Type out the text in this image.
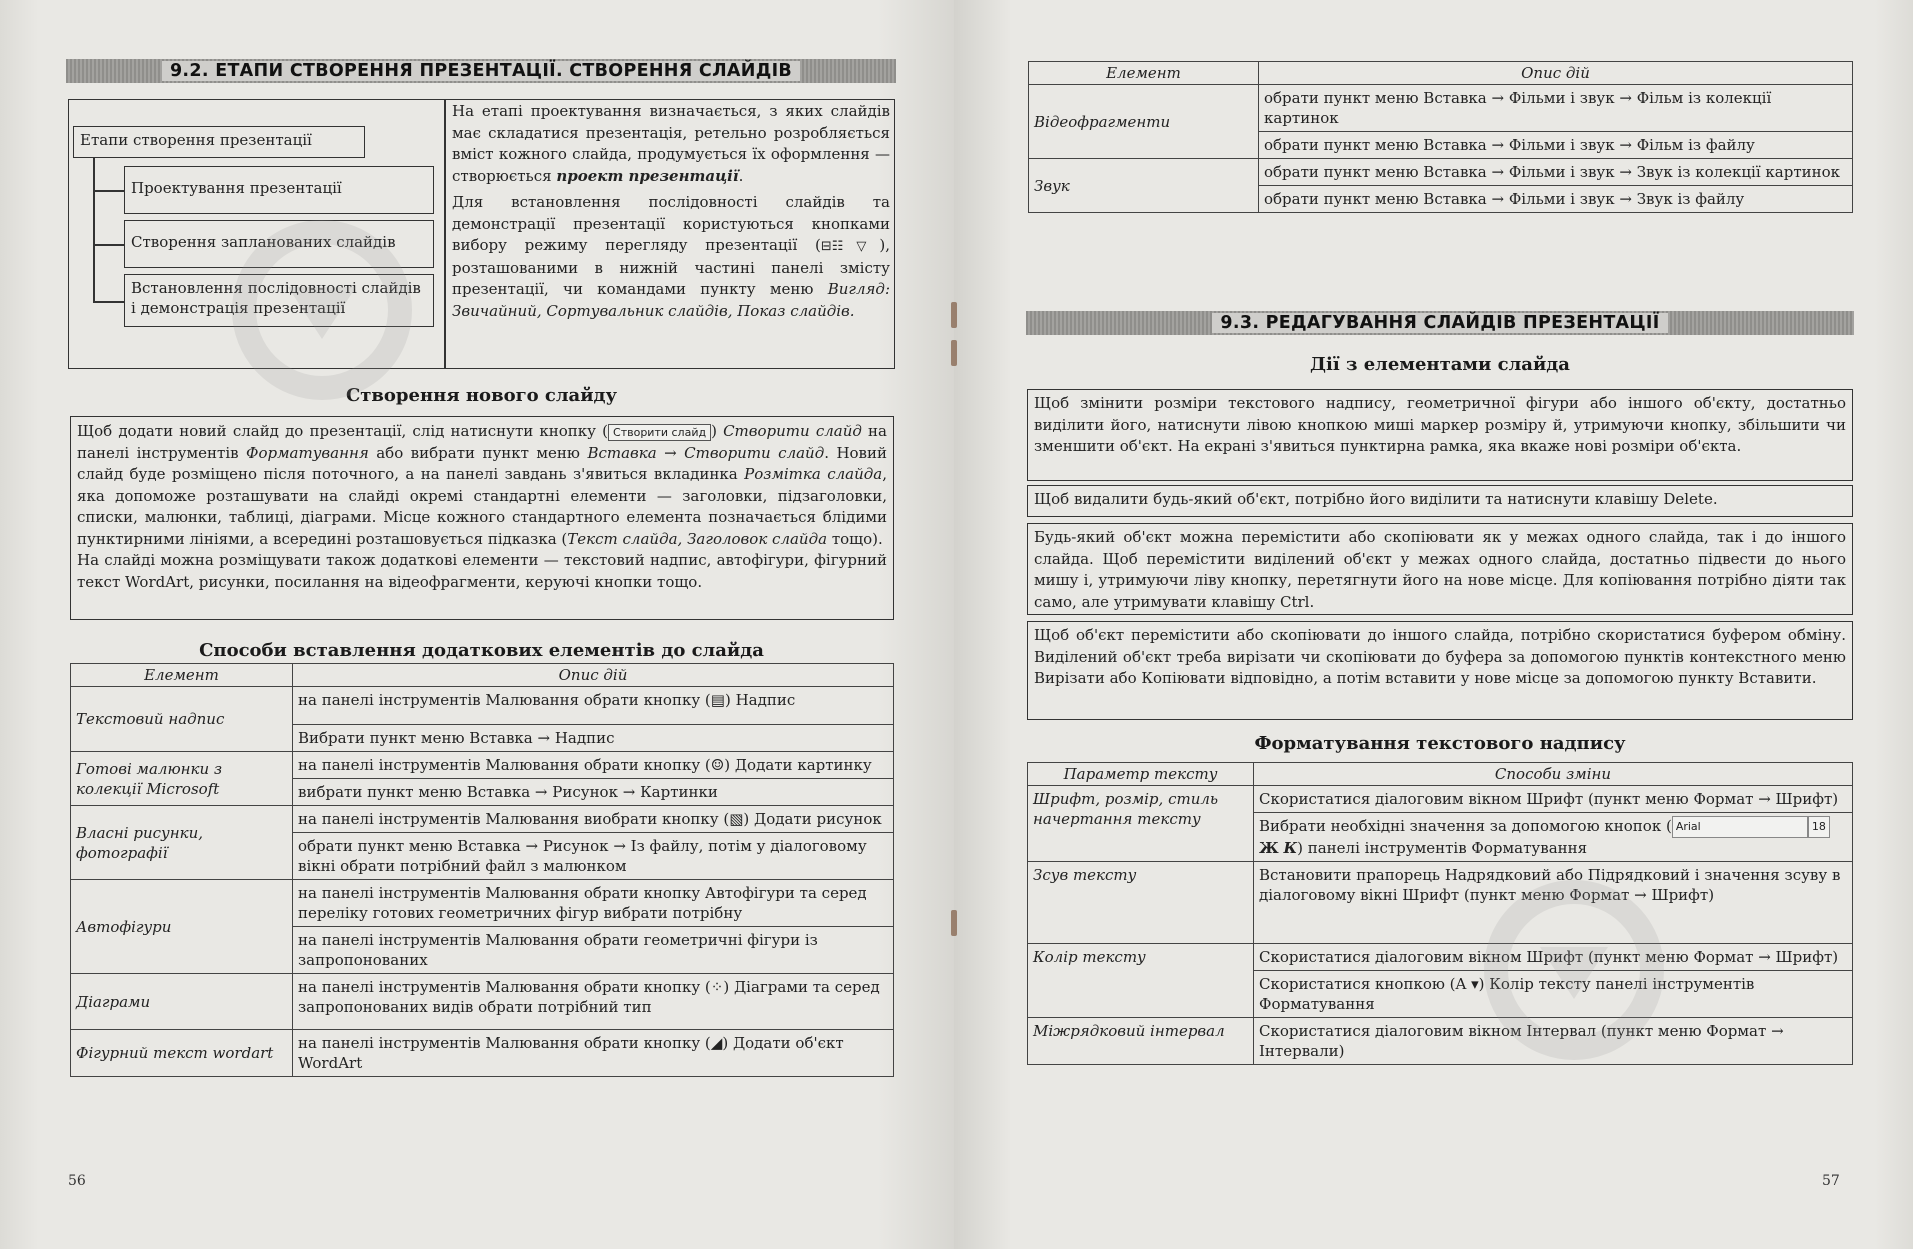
9.2. ЕТАПИ СТВОРЕННЯ ПРЕЗЕНТАЦІЇ. СТВОРЕННЯ СЛАЙДІВ
Етапи створення презентації
Проектування презентації
Створення запланованих слайдів
Встановлення послідовності слайдів і демонстрація презентації

На етапі проектування визначається, з яких слайдів має складатися презентація, ретельно розробляється вміст кожного слайда, продумується їх оформлення — створюється проект презентації.

Для встановлення послідовності слайдів та демонстрації презентації користуються кнопками вибору режиму перегляду презентації (⊟☷▽), розташованими в нижній частині панелі змісту презентації, чи командами пункту меню Вигляд: Звичайний, Сортувальник слайдів, Показ слайдів.

Створення нового слайду

Щоб додати новий слайд до презентації, слід натиснути кнопку ( Створити слайд ) Створити слайд на панелі інструментів Форматування або вибрати пункт меню Вставка → Створити слайд. Новий слайд буде розміщено після поточного, а на панелі завдань з'явиться вкладинка Розмітка слайда, яка допоможе розташувати на слайді окремі стандартні елементи — заголовки, підзаголовки, списки, малюнки, таблиці, діаграми. Місце кожного стандартного елемента позначається блідими пунктирними лініями, а всередині розташовується підказка (Текст слайда, Заголовок слайда тощо).

На слайді можна розміщувати також додаткові елементи — текстовий надпис, автофігури, фігурний текст WordArt, рисунки, посилання на відеофрагменти, керуючі кнопки тощо.

Способи вставлення додаткових елементів до слайда
Елемент	Опис дій
Текстовий надпис	на панелі інструментів Малювання обрати кнопку (▤) Надпис
	Вибрати пункт меню Вставка → Надпис
Готові малюнки з колекції Microsoft	на панелі інструментів Малювання обрати кнопку (☺) Додати картинку
	вибрати пункт меню Вставка → Рисунок → Картинки
Власні рисунки, фотографії	на панелі інструментів Малювання виобрати кнопку (▧) Додати рисунок
	обрати пункт меню Вставка → Рисунок → Із файлу, потім у діалоговому вікні обрати потрібний файл з малюнком
Автофігури	на панелі інструментів Малювання обрати кнопку Автофігури та серед переліку готових геометричних фігур вибрати потрібну
	на панелі інструментів Малювання обрати геометричні фігури із запропонованих
Діаграми	на панелі інструментів Малювання обрати кнопку (⁘) Діаграми та серед запропонованих видів обрати потрібний тип
Фігурний текст wordart	на панелі інструментів Малювання обрати кнопку (◢) Додати об'єкт WordArt
56
Елемент	Опис дій
Відеофрагменти	обрати пункт меню Вставка → Фільми і звук → Фільм із колекції картинок
	обрати пункт меню Вставка → Фільми і звук → Фільм із файлу
Звук	обрати пункт меню Вставка → Фільми і звук → Звук із колекції картинок
	обрати пункт меню Вставка → Фільми і звук → Звук із файлу
9.3. РЕДАГУВАННЯ СЛАЙДІВ ПРЕЗЕНТАЦІЇ
Дії з елементами слайда
Щоб змінити розміри текстового надпису, геометричної фігури або іншого об'єкту, достатньо виділити його, натиснути лівою кнопкою миші маркер розміру й, утримуючи кнопку, збільшити чи зменшити об'єкт. На екрані з'явиться пунктирна рамка, яка вкаже нові розміри об'єкта.
Щоб видалити будь-який об'єкт, потрібно його виділити та натиснути клавішу Delete.
Будь-який об'єкт можна перемістити або скопіювати як у межах одного слайда, так і до іншого слайда. Щоб перемістити виділений об'єкт у межах одного слайда, достатньо підвести до нього мишу і, утримуючи ліву кнопку, перетягнути його на нове місце. Для копіювання потрібно діяти так само, але утримувати клавішу Ctrl.
Щоб об'єкт перемістити або скопіювати до іншого слайда, потрібно скористатися буфером обміну. Виділений об'єкт треба вирізати чи скопіювати до буфера за допомогою пунктів контекстного меню Вирізати або Копіювати відповідно, а потім вставити у нове місце за допомогою пункту Вставити.
Форматування текстового надпису
Параметр тексту	Способи зміни
Шрифт, розмір, стиль начертання тексту	Скористатися діалоговим вікном Шрифт (пункт меню Формат → Шрифт)
	Вибрати необхідні значення за допомогою кнопок ( Arial 18 Ж К) панелі інструментів Форматування
Зсув тексту	Встановити прапорець Надрядковий або Підрядковий і значення зсуву в діалоговому вікні Шрифт (пункт меню Формат → Шрифт)
Колір тексту	Скористатися діалоговим вікном Шрифт (пункт меню Формат → Шрифт)
	Скористатися кнопкою (A ▾) Колір тексту панелі інструментів Форматування
Міжрядковий інтервал	Скористатися діалоговим вікном Інтервал (пункт меню Формат → Інтервали)
57
